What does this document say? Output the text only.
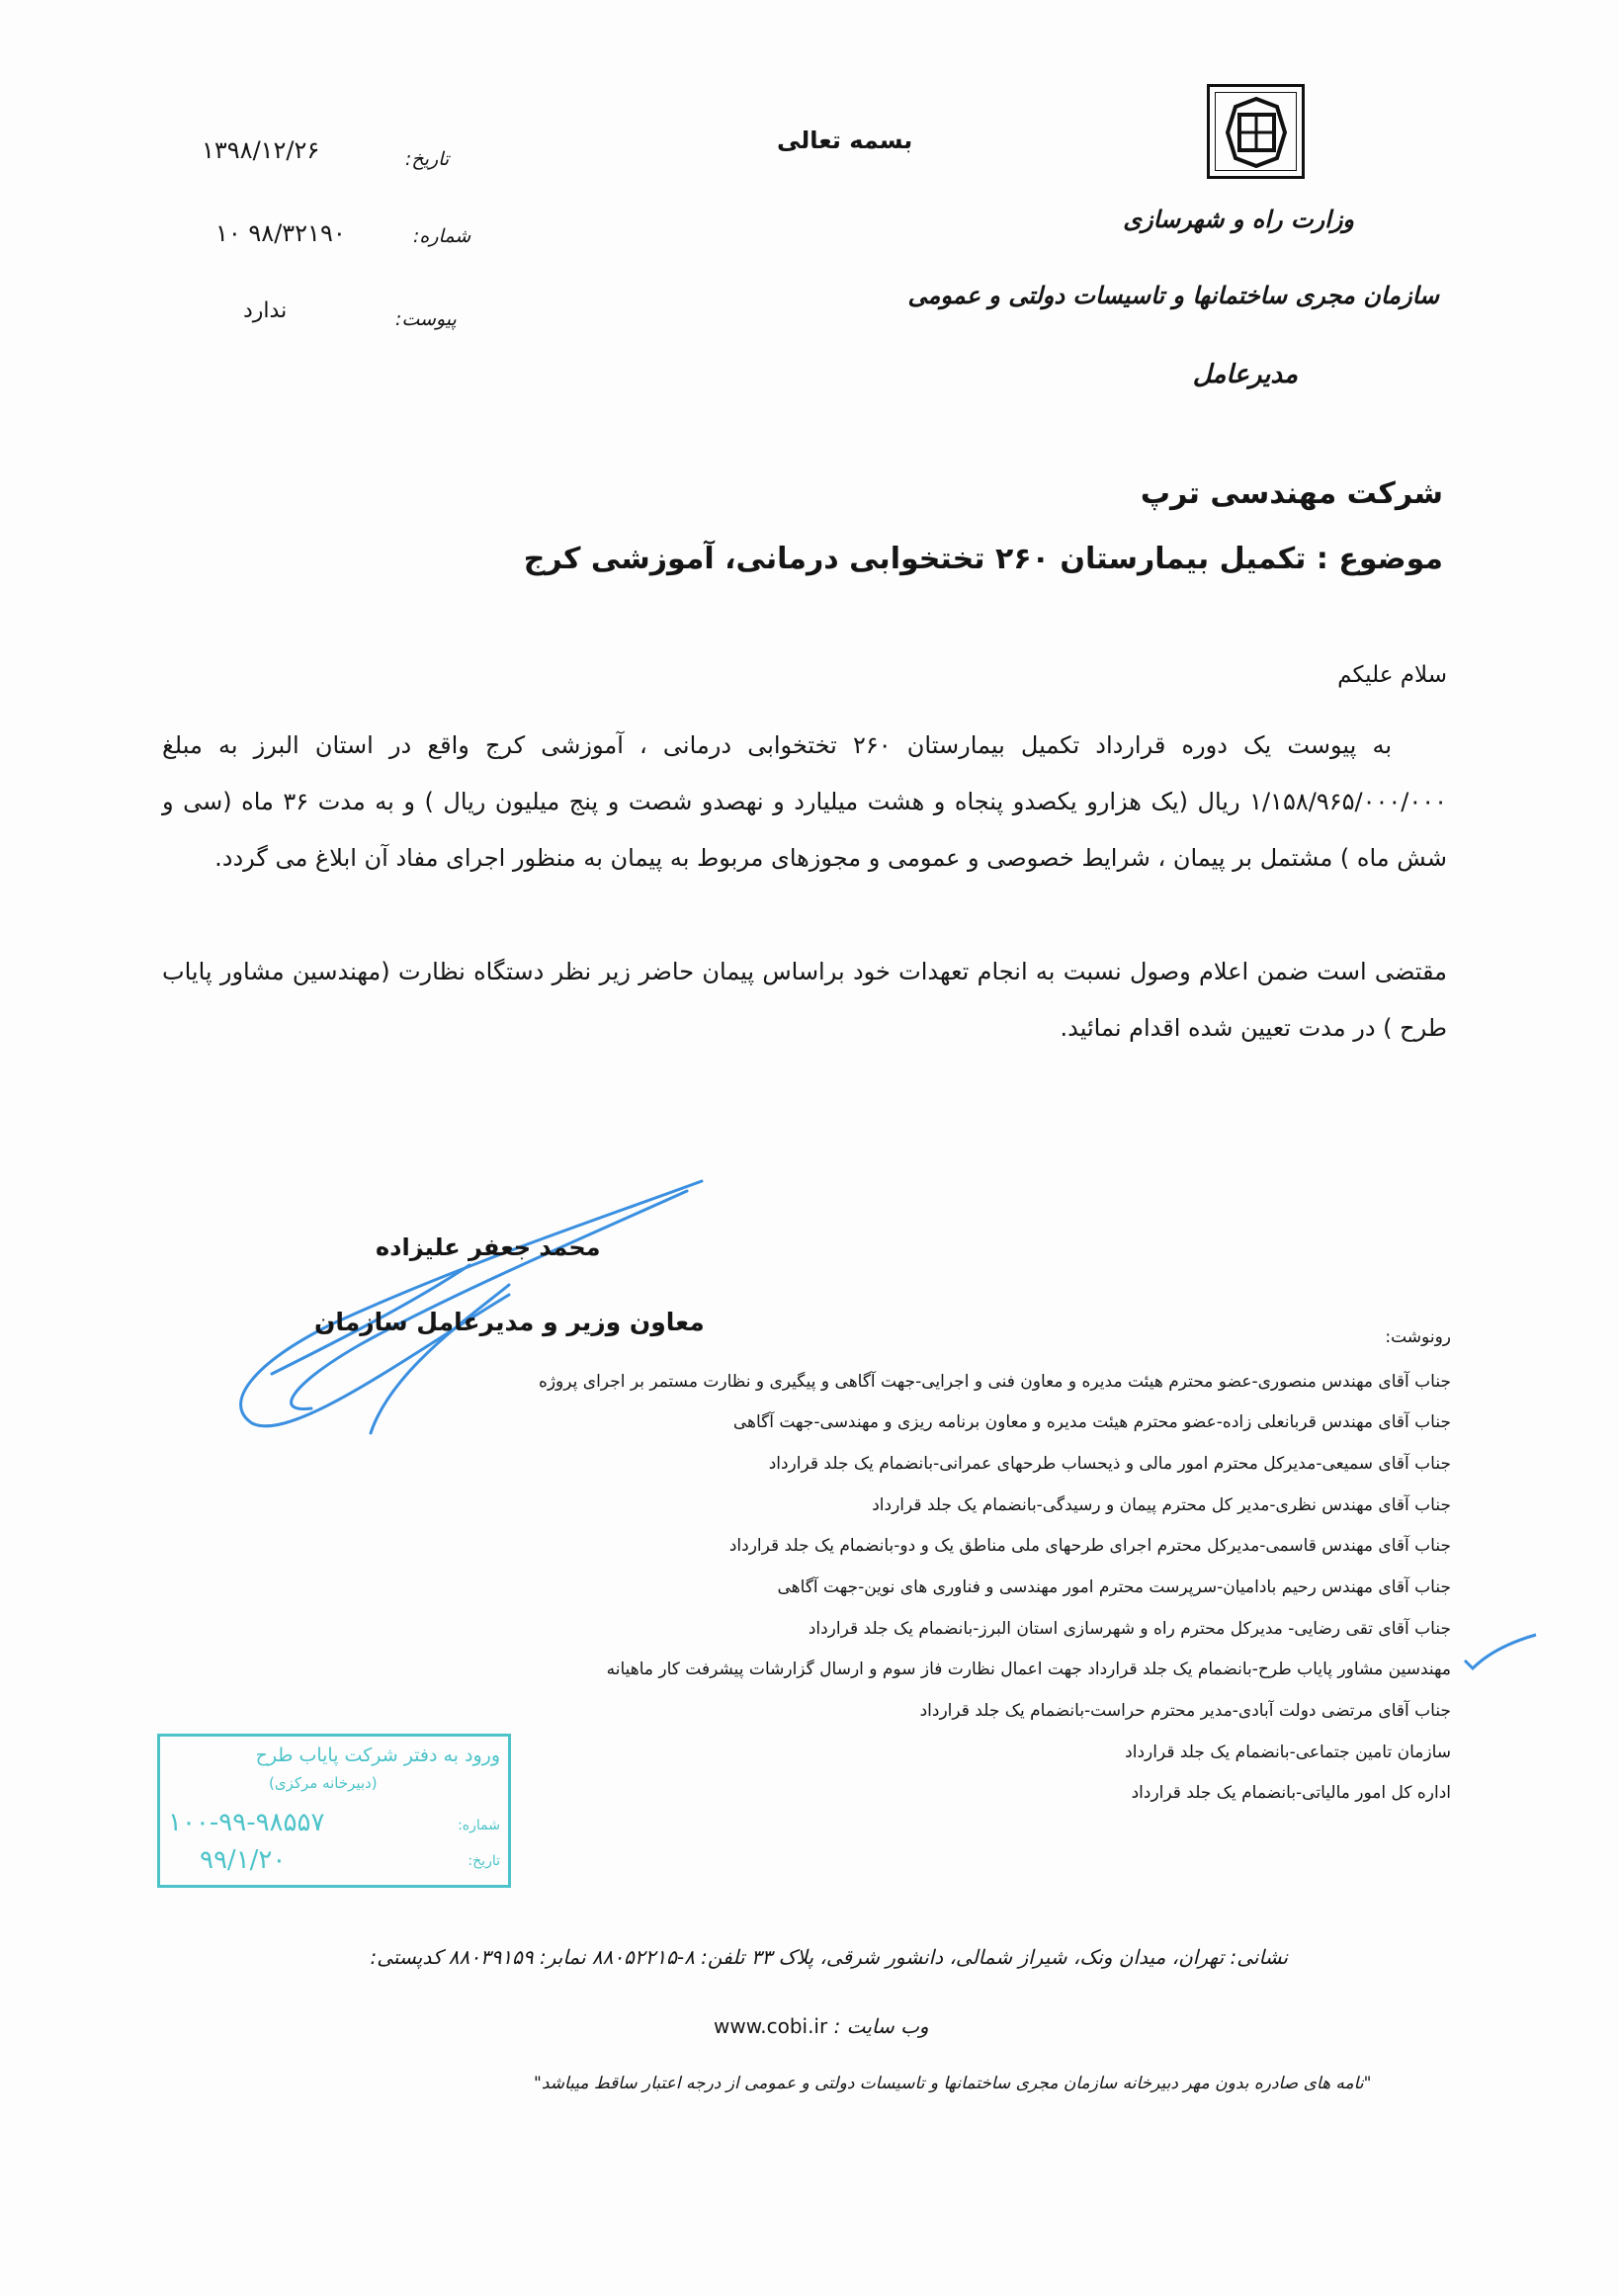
وزارت راه و شهرسازی
سازمان مجری ساختمانها و تاسیسات دولتی و عمومی
مدیرعامل
بسمه تعالی
تاریخ:
۱۳۹۸/۱۲/۲۶
شماره:
۱۰ ۹۸/۳۲۱۹۰
پیوست:
ندارد
شرکت مهندسی ترپ
موضوع : تکمیل بیمارستان ۲۶۰ تختخوابی درمانی، آموزشی کرج
سلام علیکم
به پیوست یک دوره قرارداد تکمیل بیمارستان ۲۶۰ تختخوابی درمانی ، آموزشی کرج واقع در استان البرز به مبلغ ۱/۱۵۸/۹۶۵/۰۰۰/۰۰۰ ریال (یک هزارو یکصدو پنجاه و هشت میلیارد و نهصدو شصت و پنج میلیون ریال ) و به مدت ۳۶ ماه (سی و شش ماه ) مشتمل بر پیمان ، شرایط خصوصی و عمومی و مجوزهای مربوط به پیمان به منظور اجرای مفاد آن ابلاغ می گردد.
مقتضی است ضمن اعلام وصول نسبت به انجام تعهدات خود براساس پیمان حاضر زیر نظر دستگاه نظارت (مهندسین مشاور پایاب طرح ) در مدت تعیین شده اقدام نمائید.
محمد جعفر علیزاده
معاون وزیر و مدیرعامل سازمان
رونوشت:
جناب آقای مهندس منصوری-عضو محترم هیئت مدیره و معاون فنی و اجرایی-جهت آگاهی و پیگیری و نظارت مستمر بر اجرای پروژه
جناب آقای مهندس قربانعلی زاده-عضو محترم هیئت مدیره و معاون برنامه ریزی و مهندسی-جهت آگاهی
جناب آقای سمیعی-مدیرکل محترم امور مالی و ذیحساب طرحهای عمرانی-بانضمام یک جلد قرارداد
جناب آقای مهندس نظری-مدیر کل محترم پیمان و رسیدگی-بانضمام یک جلد قرارداد
جناب آقای مهندس قاسمی-مدیرکل محترم اجرای طرحهای ملی مناطق یک و دو-بانضمام یک جلد قرارداد
جناب آقای مهندس رحیم بادامیان-سرپرست محترم امور مهندسی و فناوری های نوین-جهت آگاهی
جناب آقای تقی رضایی- مدیرکل محترم راه و شهرسازی استان البرز-بانضمام یک جلد قرارداد
مهندسین مشاور پایاب طرح-بانضمام یک جلد قرارداد جهت اعمال نظارت فاز سوم و ارسال گزارشات پیشرفت کار ماهیانه
جناب آقای مرتضی دولت آبادی-مدیر محترم حراست-بانضمام یک جلد قرارداد
سازمان تامین جتماعی-بانضمام یک جلد قرارداد
اداره کل امور مالیاتی-بانضمام یک جلد قرارداد
ورود به دفتر شرکت پایاب طرح
(دبیرخانه مرکزی)
شماره:
۱۰۰-۹۹-۹۸۵۵۷
تاریخ:
۹۹/۱/۲۰
نشانی: تهران، میدان ونک، شیراز شمالی، دانشور شرقی، پلاک ۳۳ تلفن: ۸-۸۸۰۵۲۲۱۵ نمابر: ۸۸۰۳۹۱۵۹ کدپستی:
وب سایت : www.cobi.ir
"نامه های صادره بدون مهر دبیرخانه سازمان مجری ساختمانها و تاسیسات دولتی و عمومی از درجه اعتبار ساقط میباشد"
